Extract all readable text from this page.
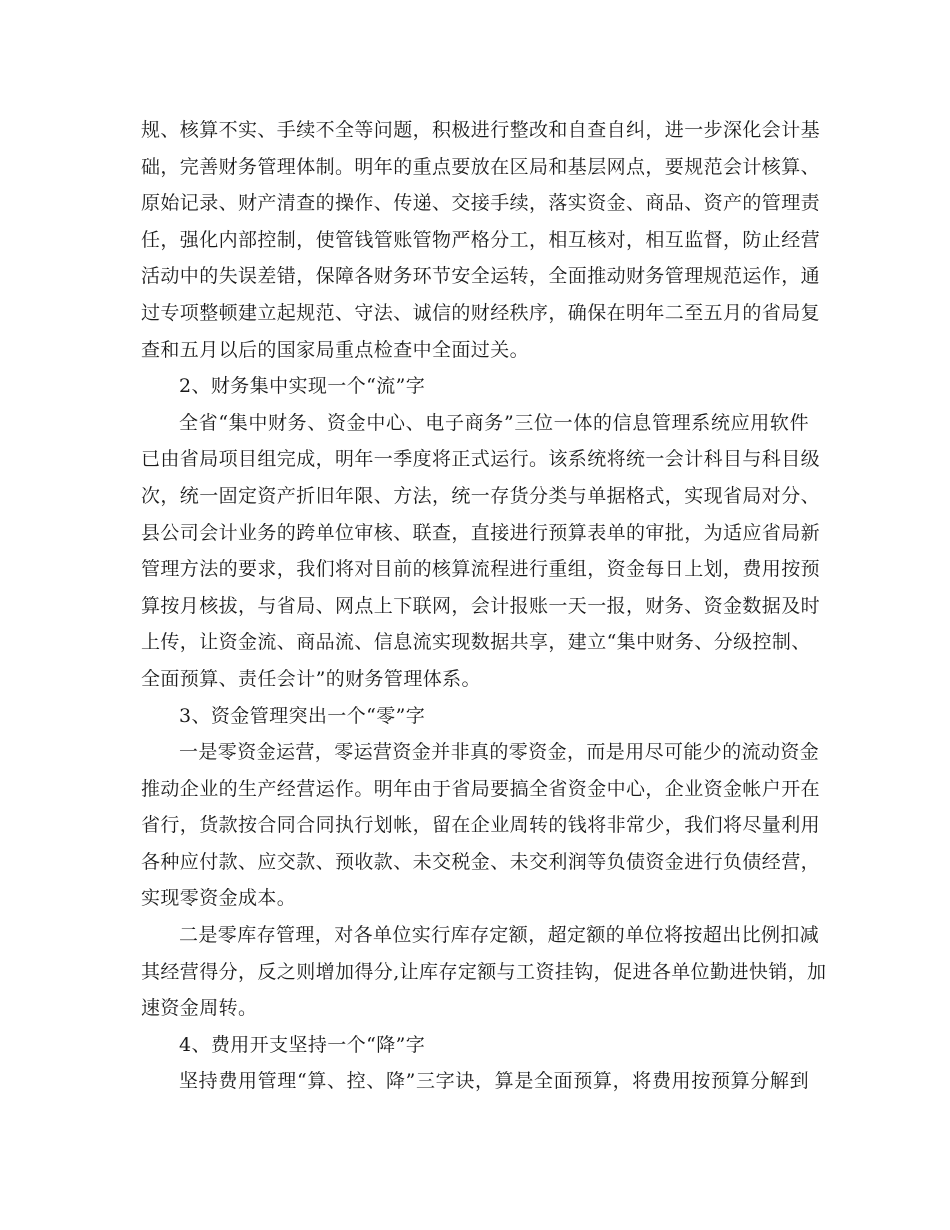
规、核算不实、手续不全等问题，积极进行整改和自查自纠，进一步深化会计基
础，完善财务管理体制。明年的重点要放在区局和基层网点，要规范会计核算、
原始记录、财产清查的操作、传递、交接手续，落实资金、商品、资产的管理责
任，强化内部控制，使管钱管账管物严格分工，相互核对，相互监督，防止经营
活动中的失误差错，保障各财务环节安全运转，全面推动财务管理规范运作，通
过专项整顿建立起规范、守法、诚信的财经秩序，确保在明年二至五月的省局复
查和五月以后的国家局重点检查中全面过关。
2、财务集中实现一个“流”字
全省“集中财务、资金中心、电子商务”三位一体的信息管理系统应用软件
已由省局项目组完成，明年一季度将正式运行。该系统将统一会计科目与科目级
次，统一固定资产折旧年限、方法，统一存货分类与单据格式，实现省局对分、
县公司会计业务的跨单位审核、联查，直接进行预算表单的审批，为适应省局新
管理方法的要求，我们将对目前的核算流程进行重组，资金每日上划，费用按预
算按月核拔，与省局、网点上下联网，会计报账一天一报，财务、资金数据及时
上传，让资金流、商品流、信息流实现数据共享，建立“集中财务、分级控制、
全面预算、责任会计”的财务管理体系。
3、资金管理突出一个“零”字
一是零资金运营，零运营资金并非真的零资金，而是用尽可能少的流动资金
推动企业的生产经营运作。明年由于省局要搞全省资金中心，企业资金帐户开在
省行，货款按合同合同执行划帐，留在企业周转的钱将非常少，我们将尽量利用
各种应付款、应交款、预收款、未交税金、未交利润等负债资金进行负债经营，
实现零资金成本。
二是零库存管理，对各单位实行库存定额，超定额的单位将按超出比例扣减
其经营得分，反之则增加得分,让库存定额与工资挂钩，促进各单位勤进快销，加
速资金周转。
4、费用开支坚持一个“降”字
坚持费用管理“算、控、降”三字诀，算是全面预算，将费用按预算分解到
